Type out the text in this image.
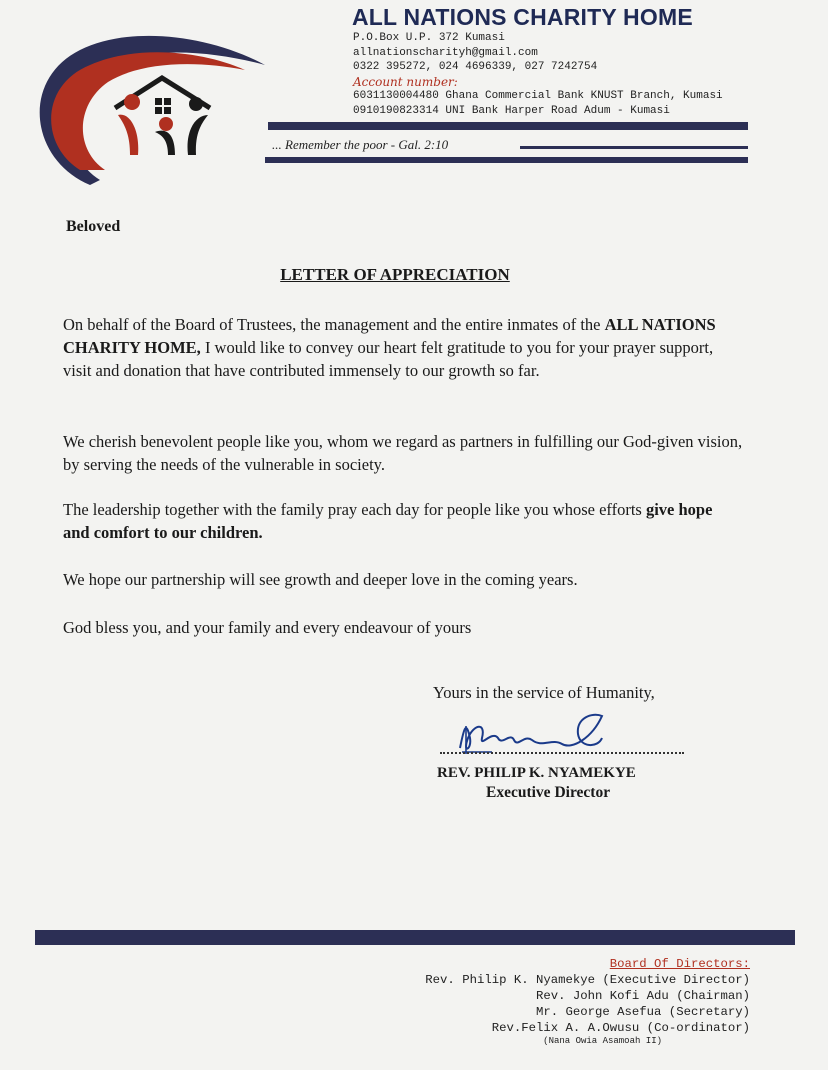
ALL NATIONS CHARITY HOME
P.O.Box U.P. 372 Kumasi
allnationscharityh@gmail.com
0322 395272, 024 4696339, 027 7242754
Account number:
6031130004480 Ghana Commercial Bank KNUST Branch, Kumasi
0910190823314 UNI Bank Harper Road Adum - Kumasi
... Remember the poor - Gal. 2:10
Beloved
LETTER OF APPRECIATION
On behalf of the Board of Trustees, the management and the entire inmates of the ALL NATIONS CHARITY HOME, I would like to convey our heart felt gratitude to you for your prayer support, visit and donation that have contributed immensely to our growth so far.
We cherish benevolent people like you, whom we regard as partners in fulfilling our God-given vision, by serving the needs of the vulnerable in society.
The leadership together with the family pray each day for people like you whose efforts give hope and comfort to our children.
We hope our partnership will see growth and deeper love in the coming years.
God bless you, and your family and every endeavour of yours
Yours in the service of Humanity,
REV. PHILIP K. NYAMEKYE
Executive Director
Board Of Directors:
Rev. Philip K. Nyamekye (Executive Director)
Rev. John Kofi Adu (Chairman)
Mr. George Asefua (Secretary)
Rev.Felix A. A.Owusu (Co-ordinator)
(Nana Owia Asamoah II)
